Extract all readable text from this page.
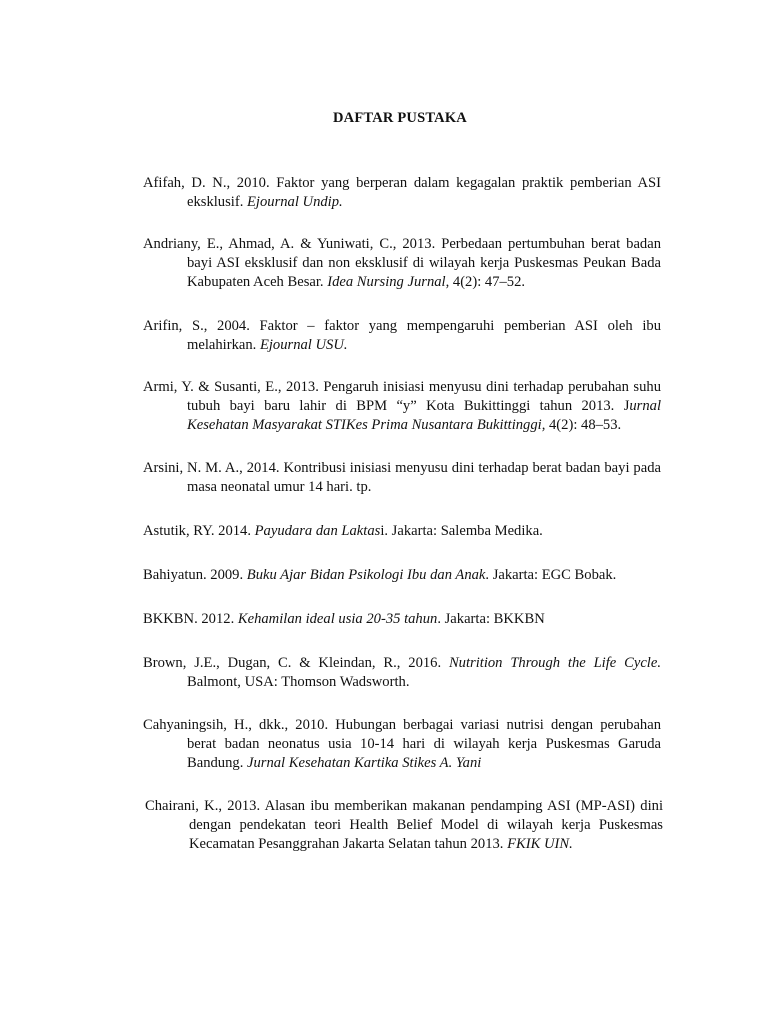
DAFTAR PUSTAKA

Afifah, D. N., 2010. Faktor yang berperan dalam kegagalan praktik pemberian ASI eksklusif. Ejournal Undip.

Andriany, E., Ahmad, A. & Yuniwati, C., 2013. Perbedaan pertumbuhan berat badan bayi ASI eksklusif dan non eksklusif di wilayah kerja Puskesmas Peukan Bada Kabupaten Aceh Besar. Idea Nursing Jurnal, 4(2): 47–52.

Arifin, S., 2004. Faktor – faktor yang mempengaruhi pemberian ASI oleh ibu melahirkan. Ejournal USU.

Armi, Y. & Susanti, E., 2013. Pengaruh inisiasi menyusu dini terhadap perubahan suhu tubuh bayi baru lahir di BPM “y” Kota Bukittinggi tahun 2013. Jurnal Kesehatan Masyarakat STIKes Prima Nusantara Bukittinggi, 4(2): 48–53.

Arsini, N. M. A., 2014. Kontribusi inisiasi menyusu dini terhadap berat badan bayi pada masa neonatal umur 14 hari. tp.

Astutik, RY. 2014. Payudara dan Laktasi. Jakarta: Salemba Medika.

Bahiyatun. 2009. Buku Ajar Bidan Psikologi Ibu dan Anak. Jakarta: EGC Bobak.

BKKBN. 2012. Kehamilan ideal usia 20-35 tahun. Jakarta: BKKBN

Brown, J.E., Dugan, C. & Kleindan, R., 2016. Nutrition Through the Life Cycle. Balmont, USA: Thomson Wadsworth.

Cahyaningsih, H., dkk., 2010. Hubungan berbagai variasi nutrisi dengan perubahan berat badan neonatus usia 10-14 hari di wilayah kerja Puskesmas Garuda Bandung. Jurnal Kesehatan Kartika Stikes A. Yani

Chairani, K., 2013. Alasan ibu memberikan makanan pendamping ASI (MP-ASI) dini dengan pendekatan teori Health Belief Model di wilayah kerja Puskesmas Kecamatan Pesanggrahan Jakarta Selatan tahun 2013. FKIK UIN.
